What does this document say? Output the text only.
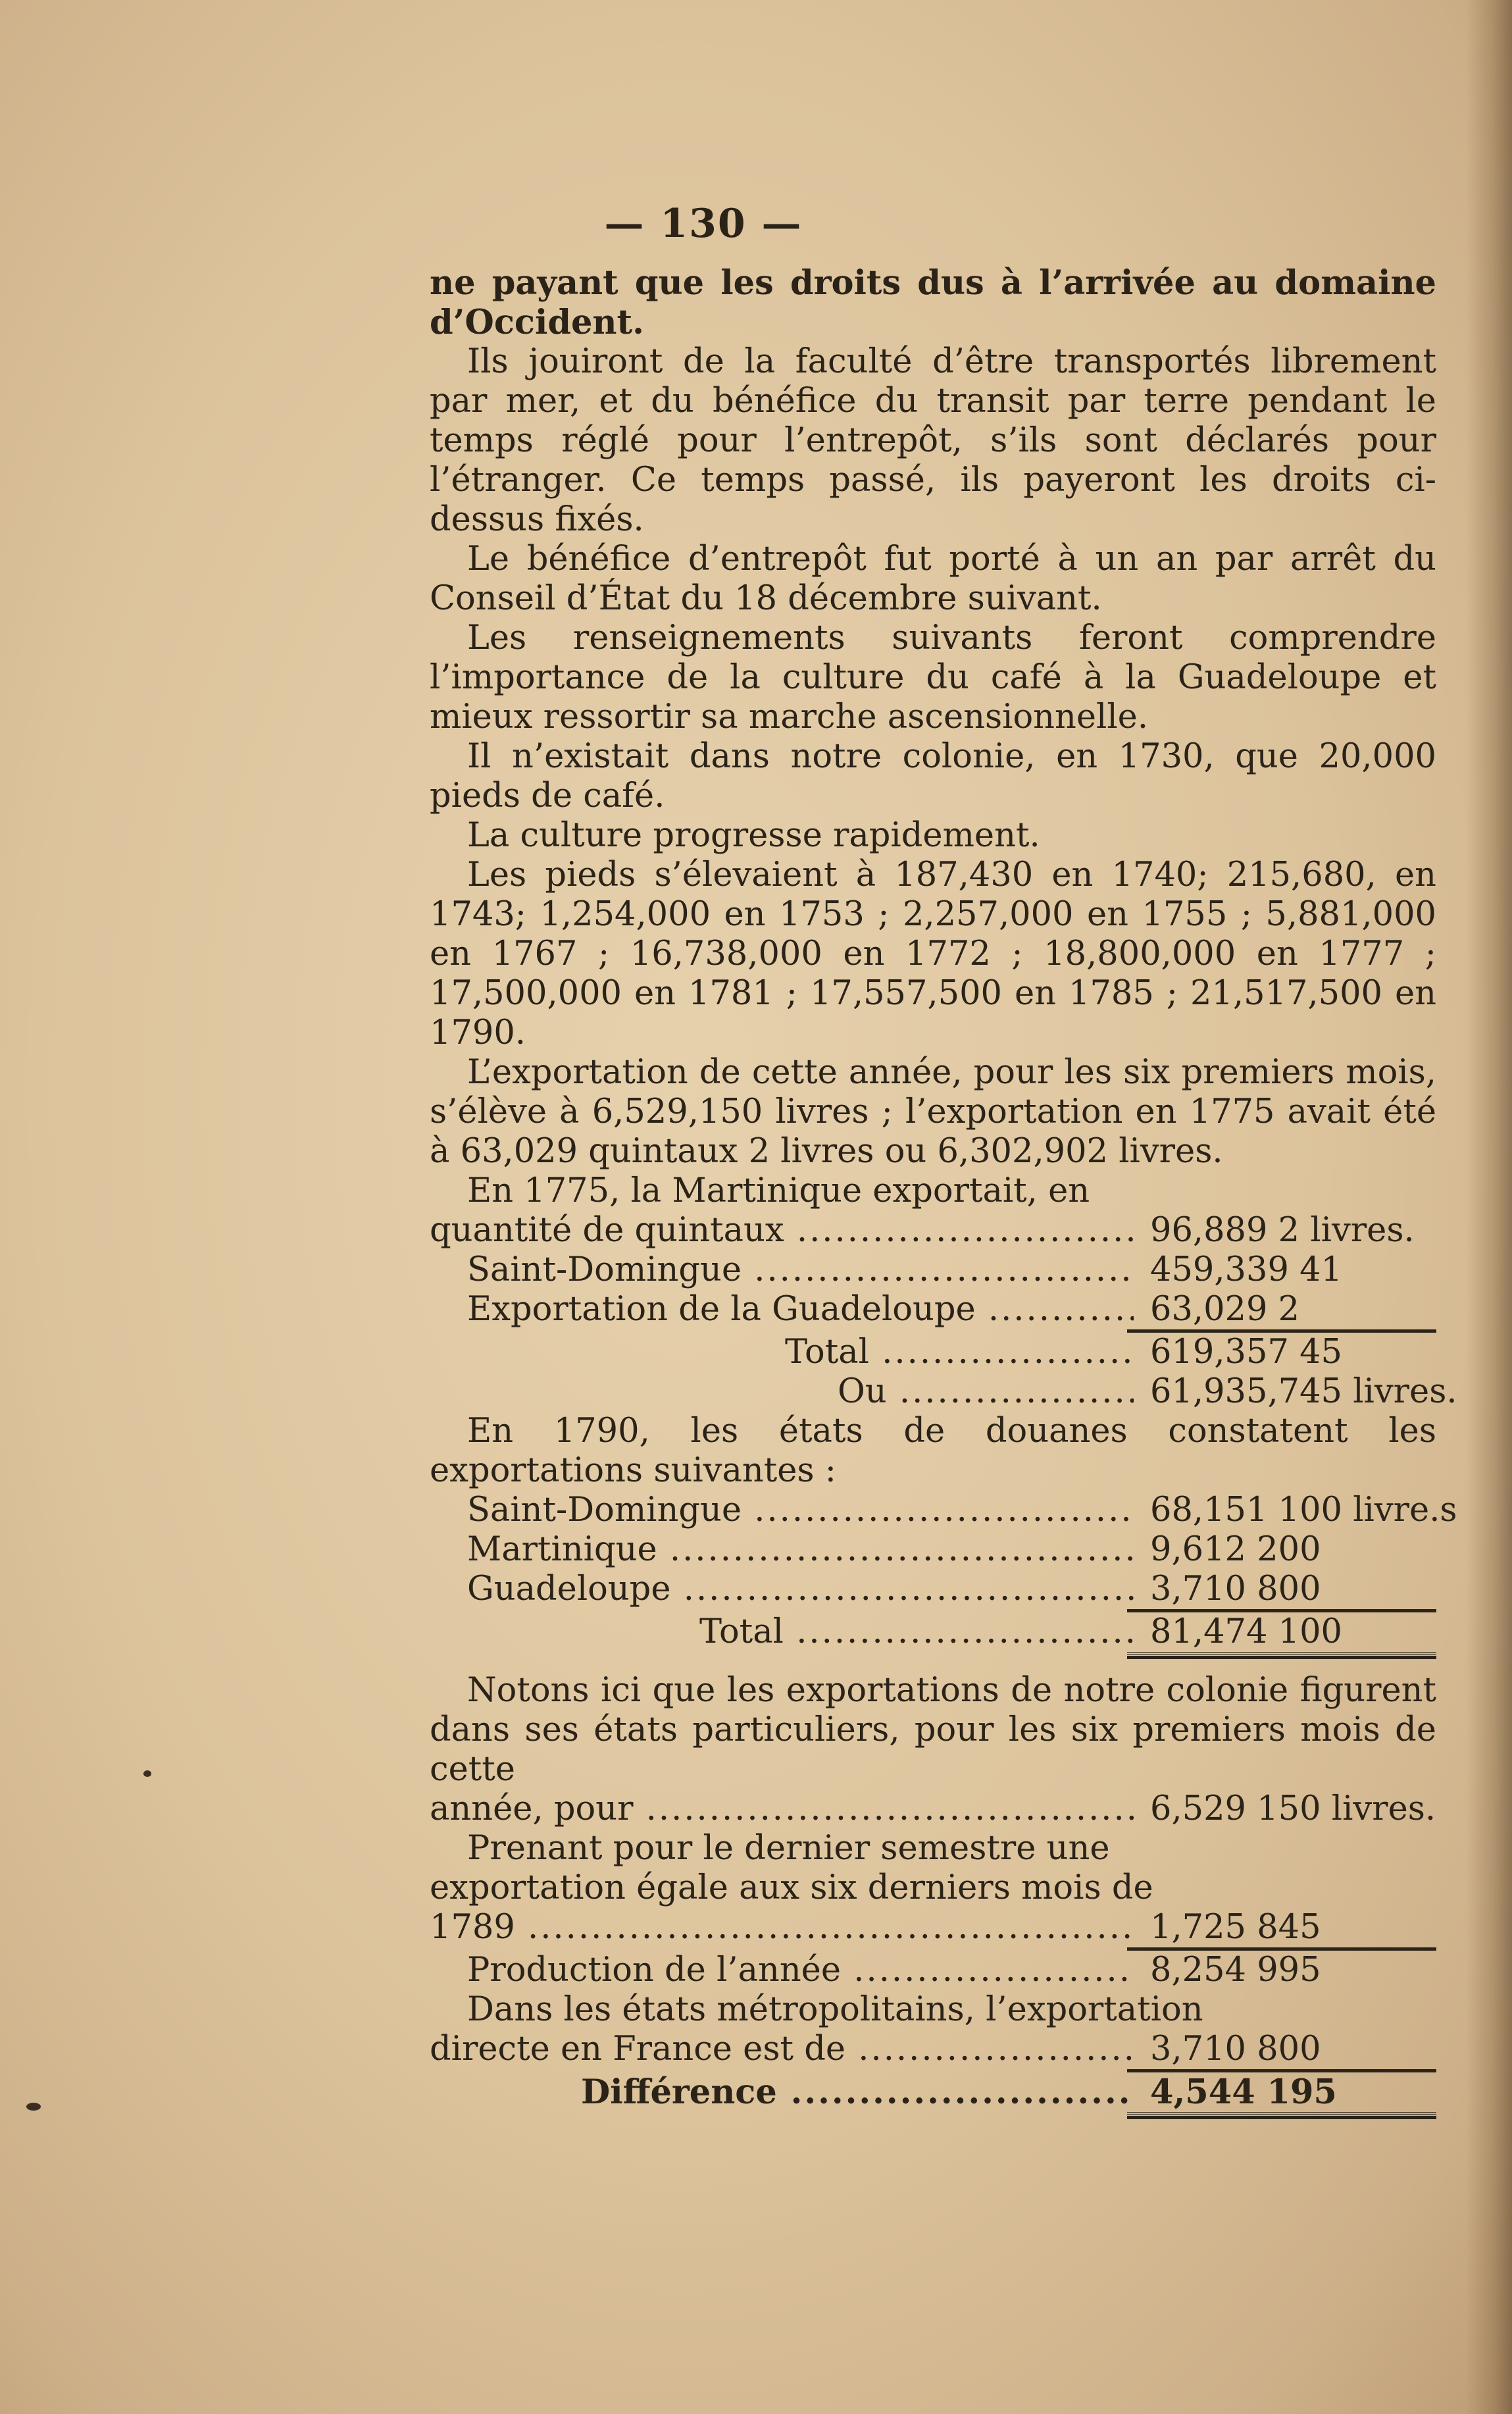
— 130 —

ne payant que les droits dus à l’arrivée au domaine d’Occident.

Ils jouiront de la faculté d’être transportés librement par mer, et du bénéfice du transit par terre pendant le temps réglé pour l’entrepôt, s’ils sont déclarés pour l’étranger. Ce temps passé, ils payeront les droits ci-dessus fixés.

Le bénéfice d’entrepôt fut porté à un an par arrêt du Conseil d’État du 18 décembre suivant.

Les renseignements suivants feront comprendre l’importance de la culture du café à la Guadeloupe et mieux ressortir sa marche ascensionnelle.

Il n’existait dans notre colonie, en 1730, que 20,000 pieds de café.

La culture progresse rapidement.

Les pieds s’élevaient à 187,430 en 1740; 215,680, en 1743; 1,254,000 en 1753 ; 2,257,000 en 1755 ; 5,881,000 en 1767 ; 16,738,000 en 1772 ; 18,800,000 en 1777 ; 17,500,000 en 1781 ; 17,557,500 en 1785 ; 21,517,500 en 1790.

L’exportation de cette année, pour les six premiers mois, s’élève à 6,529,150 livres ; l’exportation en 1775 avait été à 63,029 quintaux 2 livres ou 6,302,902 livres.

En 1775, la Martinique exportait, en

quantité de quintaux .....	96,889 2 livres.
Saint-Domingue .....	459,339 41
Exportation de la Guadeloupe .....	63,029 2
Total .....	619,357 45
Ou .....	61,935,745 livres.

En 1790, les états de douanes constatent les exportations suivantes :

Saint-Domingue .....	68,151 100 livre.s
Martinique .....	9,612 200
Guadeloupe .....	3,710 800
Total .....	81,474 100

Notons ici que les exportations de notre colonie figurent dans ses états particuliers, pour les six premiers mois de cette

année, pour .....	6,529 150 livres.
Prenant pour le dernier semestre une
exportation égale aux six derniers mois de
1789 .....	1,725 845
Production de l’année .....	8,254 995
Dans les états métropolitains, l’exportation
directe en France est de .....	3,710 800
Différence .....	4,544 195
